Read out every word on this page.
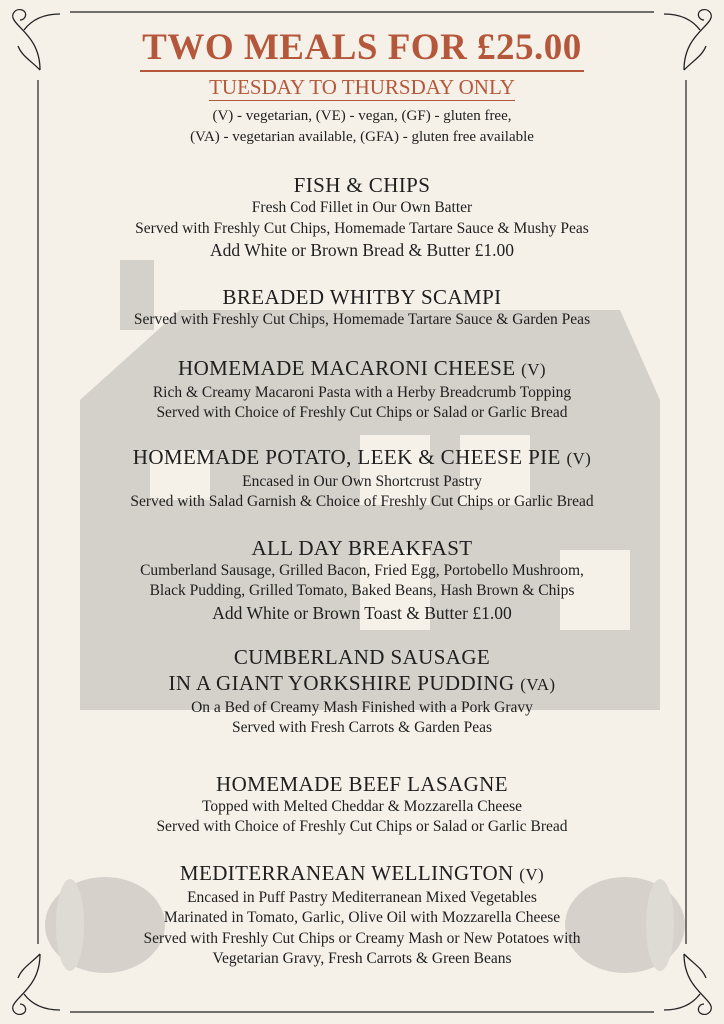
TWO MEALS FOR £25.00
TUESDAY TO THURSDAY ONLY
(V) - vegetarian, (VE) - vegan, (GF) - gluten free,
(VA) - vegetarian available, (GFA) - gluten free available
FISH & CHIPS
Fresh Cod Fillet in Our Own Batter
Served with Freshly Cut Chips, Homemade Tartare Sauce & Mushy Peas
Add White or Brown Bread & Butter £1.00
BREADED WHITBY SCAMPI
Served with Freshly Cut Chips, Homemade Tartare Sauce & Garden Peas
HOMEMADE MACARONI CHEESE (V)
Rich & Creamy Macaroni Pasta with a Herby Breadcrumb Topping
Served with Choice of Freshly Cut Chips or Salad or Garlic Bread
HOMEMADE POTATO, LEEK & CHEESE PIE (V)
Encased in Our Own Shortcrust Pastry
Served with Salad Garnish & Choice of Freshly Cut Chips or Garlic Bread
ALL DAY BREAKFAST
Cumberland Sausage, Grilled Bacon, Fried Egg, Portobello Mushroom,
Black Pudding, Grilled Tomato, Baked Beans, Hash Brown & Chips
Add White or Brown Toast & Butter £1.00
CUMBERLAND SAUSAGE
IN A GIANT YORKSHIRE PUDDING (VA)
On a Bed of Creamy Mash Finished with a Pork Gravy
Served with Fresh Carrots & Garden Peas
HOMEMADE BEEF LASAGNE
Topped with Melted Cheddar & Mozzarella Cheese
Served with Choice of Freshly Cut Chips or Salad or Garlic Bread
MEDITERRANEAN WELLINGTON (V)
Encased in Puff Pastry Mediterranean Mixed Vegetables
Marinated in Tomato, Garlic, Olive Oil with Mozzarella Cheese
Served with Freshly Cut Chips or Creamy Mash or New Potatoes with
Vegetarian Gravy, Fresh Carrots & Green Beans
